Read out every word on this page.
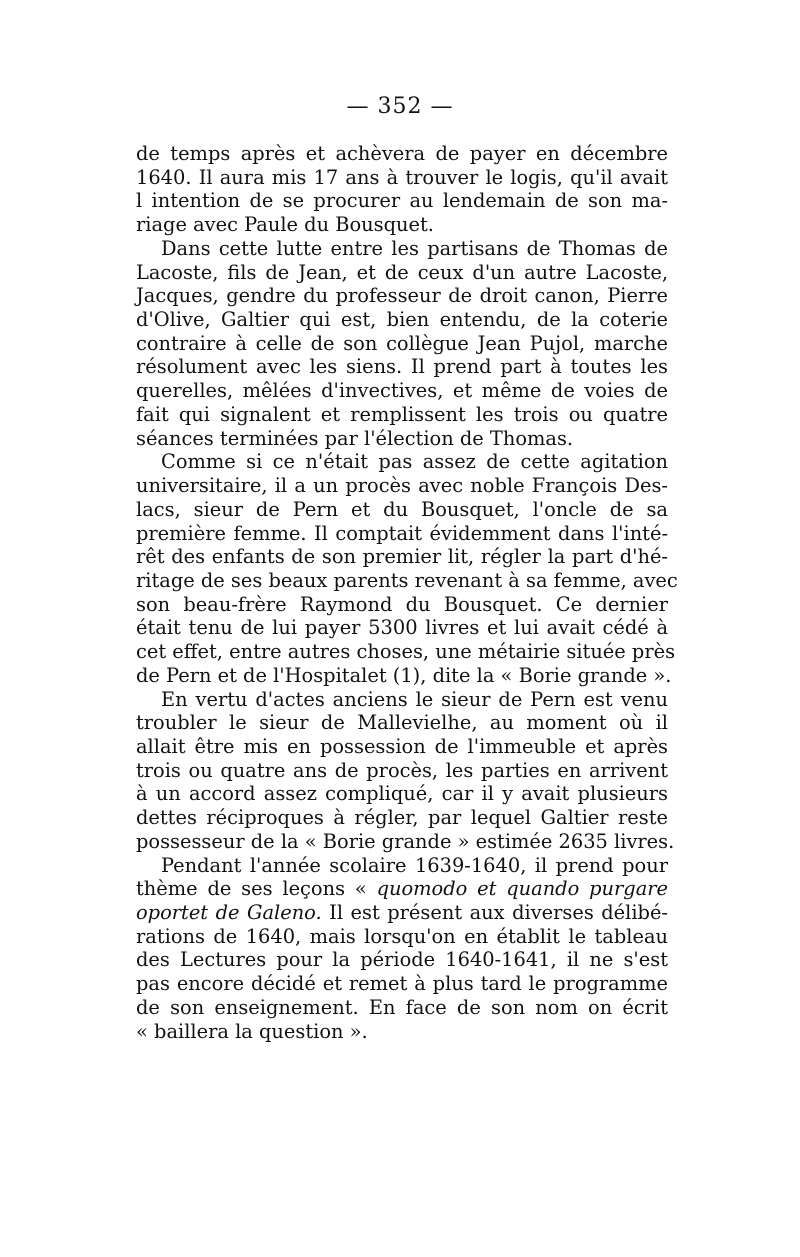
— 352 —
de temps après et achèvera de payer en décembre
1640. Il aura mis 17 ans à trouver le logis, qu'il avait
l intention de se procurer au lendemain de son ma-
riage avec Paule du Bousquet.
Dans cette lutte entre les partisans de Thomas de
Lacoste, fils de Jean, et de ceux d'un autre Lacoste,
Jacques, gendre du professeur de droit canon, Pierre
d'Olive, Galtier qui est, bien entendu, de la coterie
contraire à celle de son collègue Jean Pujol, marche
résolument avec les siens. Il prend part à toutes les
querelles, mêlées d'invectives, et même de voies de
fait qui signalent et remplissent les trois ou quatre
séances terminées par l'élection de Thomas.
Comme si ce n'était pas assez de cette agitation
universitaire, il a un procès avec noble François Des-
lacs, sieur de Pern et du Bousquet, l'oncle de sa
première femme. Il comptait évidemment dans l'inté-
rêt des enfants de son premier lit, régler la part d'hé-
ritage de ses beaux parents revenant à sa femme, avec
son beau-frère Raymond du Bousquet. Ce dernier
était tenu de lui payer 5300 livres et lui avait cédé à
cet effet, entre autres choses, une métairie située près
de Pern et de l'Hospitalet (1), dite la « Borie grande ».
En vertu d'actes anciens le sieur de Pern est venu
troubler le sieur de Mallevielhe, au moment où il
allait être mis en possession de l'immeuble et après
trois ou quatre ans de procès, les parties en arrivent
à un accord assez compliqué, car il y avait plusieurs
dettes réciproques à régler, par lequel Galtier reste
possesseur de la « Borie grande » estimée 2635 livres.
Pendant l'année scolaire 1639-1640, il prend pour
thème de ses leçons « quomodo et quando purgare
oportet de Galeno. Il est présent aux diverses délibé-
rations de 1640, mais lorsqu'on en établit le tableau
des Lectures pour la période 1640-1641, il ne s'est
pas encore décidé et remet à plus tard le programme
de son enseignement. En face de son nom on écrit
« baillera la question ».
